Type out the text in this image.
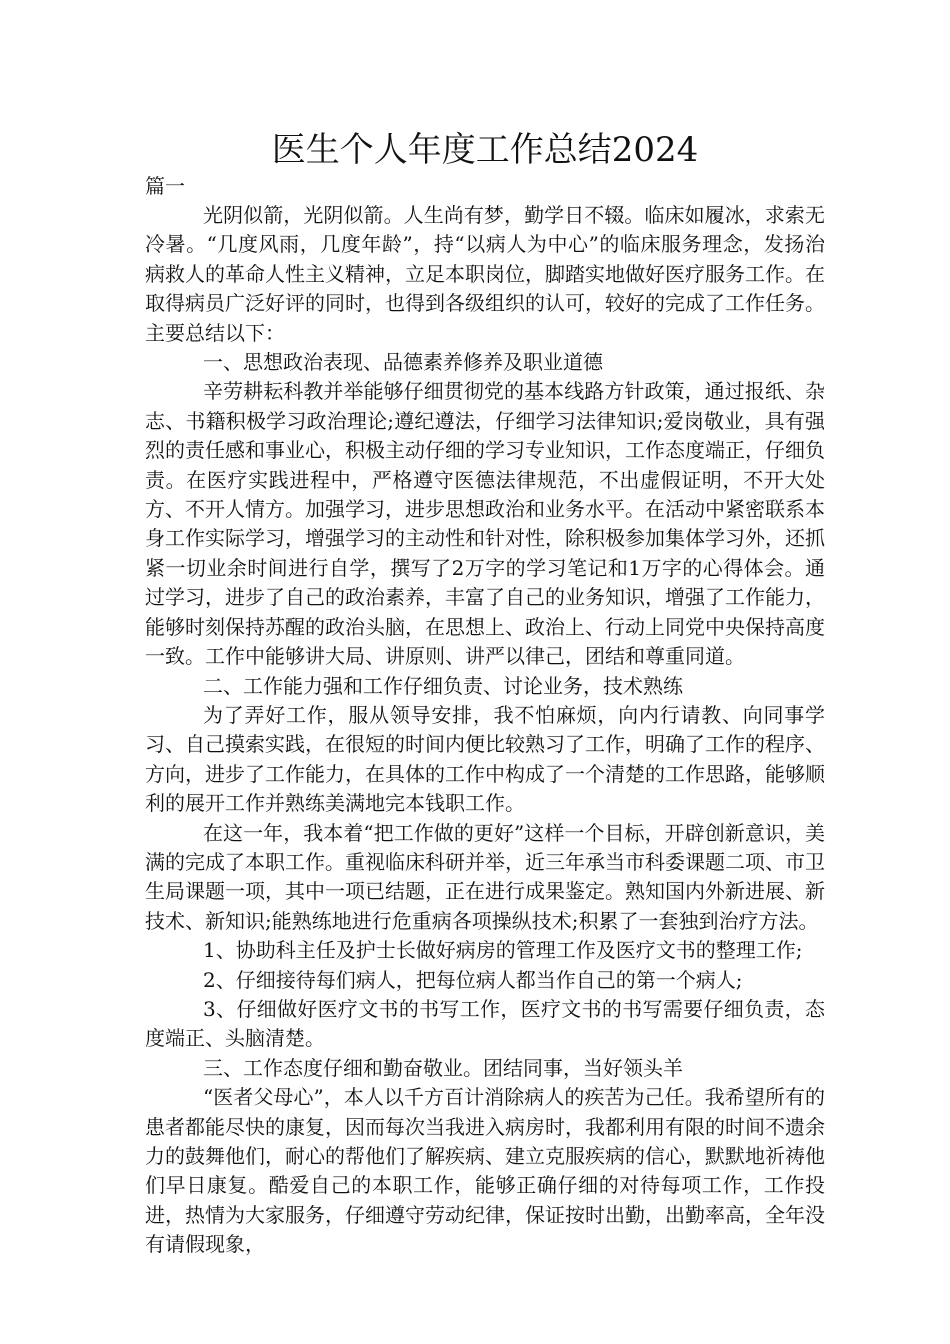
医生个人年度工作总结2024

篇一

光阴似箭，光阴似箭。人生尚有梦，勤学日不辍。临床如履冰，求索无冷暑。“几度风雨，几度年龄”，持“以病人为中心”的临床服务理念，发扬治病救人的革命人性主义精神，立足本职岗位，脚踏实地做好医疗服务工作。在取得病员广泛好评的同时，也得到各级组织的认可，较好的完成了工作任务。主要总结以下：

一、思想政治表现、品德素养修养及职业道德

辛劳耕耘科教并举能够仔细贯彻党的基本线路方针政策，通过报纸、杂志、书籍积极学习政治理论;遵纪遵法，仔细学习法律知识;爱岗敬业，具有强烈的责任感和事业心，积极主动仔细的学习专业知识，工作态度端正，仔细负责。在医疗实践进程中，严格遵守医德法律规范，不出虚假证明，不开大处方、不开人情方。加强学习，进步思想政治和业务水平。在活动中紧密联系本身工作实际学习，增强学习的主动性和针对性，除积极参加集体学习外，还抓紧一切业余时间进行自学，撰写了2万字的学习笔记和1万字的心得体会。通过学习，进步了自己的政治素养，丰富了自己的业务知识，增强了工作能力，能够时刻保持苏醒的政治头脑，在思想上、政治上、行动上同党中央保持高度一致。工作中能够讲大局、讲原则、讲严以律己，团结和尊重同道。

二、工作能力强和工作仔细负责、讨论业务，技术熟练

为了弄好工作，服从领导安排，我不怕麻烦，向内行请教、向同事学习、自己摸索实践，在很短的时间内便比较熟习了工作，明确了工作的程序、方向，进步了工作能力，在具体的工作中构成了一个清楚的工作思路，能够顺利的展开工作并熟练美满地完本钱职工作。

在这一年，我本着“把工作做的更好”这样一个目标，开辟创新意识，美满的完成了本职工作。重视临床科研并举，近三年承当市科委课题二项、市卫生局课题一项，其中一项已结题，正在进行成果鉴定。熟知国内外新进展、新技术、新知识;能熟练地进行危重病各项操纵技术;积累了一套独到治疗方法。

1、协助科主任及护士长做好病房的管理工作及医疗文书的整理工作;

2、仔细接待每们病人，把每位病人都当作自己的第一个病人;

3、仔细做好医疗文书的书写工作，医疗文书的书写需要仔细负责，态度端正、头脑清楚。

三、工作态度仔细和勤奋敬业。团结同事，当好领头羊

“医者父母心”，本人以千方百计消除病人的疾苦为己任。我希望所有的患者都能尽快的康复，因而每次当我进入病房时，我都利用有限的时间不遗余力的鼓舞他们，耐心的帮他们了解疾病、建立克服疾病的信心，默默地祈祷他们早日康复。酷爱自己的本职工作，能够正确仔细的对待每项工作，工作投进，热情为大家服务，仔细遵守劳动纪律，保证按时出勤，出勤率高，全年没有请假现象，
